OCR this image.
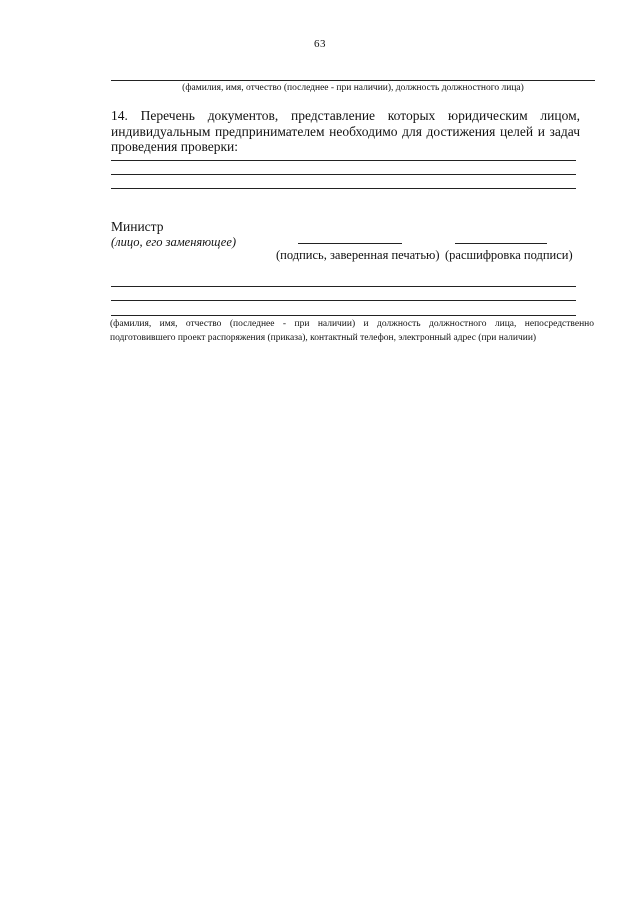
63
(фамилия, имя, отчество (последнее - при наличии), должность должностного лица)
14. Перечень документов, представление которых юридическим лицом,
индивидуальным предпринимателем необходимо для достижения целей и задач
проведения проверки:
Министр
(лицо, его заменяющее)
(подпись, заверенная печатью) (расшифровка подписи)
(фамилия, имя, отчество (последнее - при наличии) и должность должностного лица, непосредственно
подготовившего проект распоряжения (приказа), контактный телефон, электронный адрес (при наличии)
